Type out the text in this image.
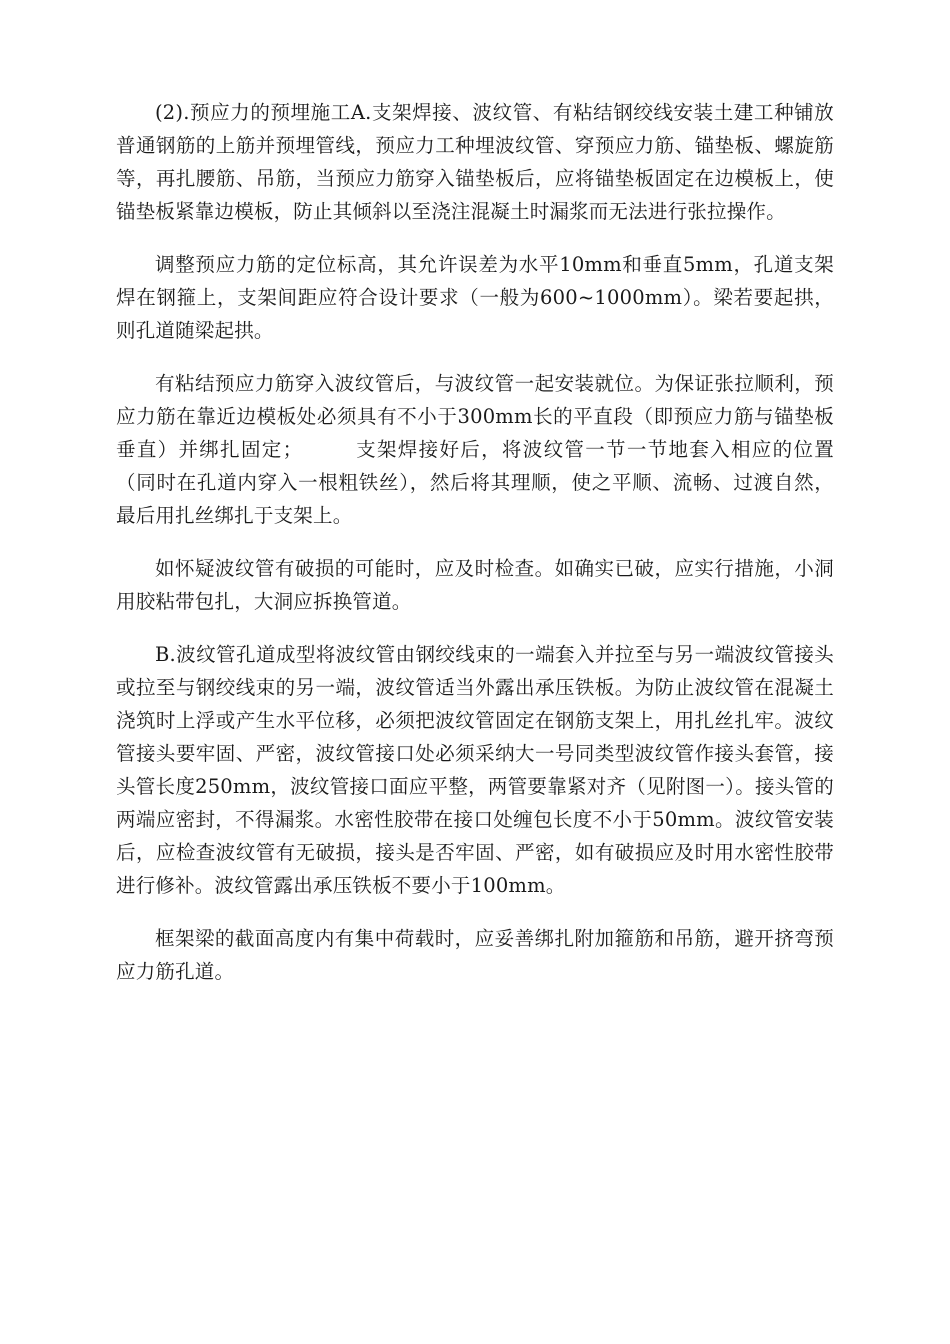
(2).预应力的预埋施工A.支架焊接、波纹管、有粘结钢绞线安装土建工种铺放普通钢筋的上筋并预埋管线，预应力工种埋波纹管、穿预应力筋、锚垫板、螺旋筋等，再扎腰筋、吊筋，当预应力筋穿入锚垫板后，应将锚垫板固定在边模板上，使锚垫板紧靠边模板，防止其倾斜以至浇注混凝土时漏浆而无法进行张拉操作。

调整预应力筋的定位标高，其允许误差为水平10mm和垂直5mm，孔道支架焊在钢箍上，支架间距应符合设计要求（一般为600~1000mm）。梁若要起拱，则孔道随梁起拱。

有粘结预应力筋穿入波纹管后，与波纹管一起安装就位。为保证张拉顺利，预应力筋在靠近边模板处必须具有不小于300mm长的平直段（即预应力筋与锚垫板垂直）并绑扎固定；　　　支架焊接好后，将波纹管一节一节地套入相应的位置（同时在孔道内穿入一根粗铁丝），然后将其理顺，使之平顺、流畅、过渡自然，最后用扎丝绑扎于支架上。

如怀疑波纹管有破损的可能时，应及时检查。如确实已破，应实行措施，小洞用胶粘带包扎，大洞应拆换管道。

B.波纹管孔道成型将波纹管由钢绞线束的一端套入并拉至与另一端波纹管接头或拉至与钢绞线束的另一端，波纹管适当外露出承压铁板。为防止波纹管在混凝土浇筑时上浮或产生水平位移，必须把波纹管固定在钢筋支架上，用扎丝扎牢。波纹管接头要牢固、严密，波纹管接口处必须采纳大一号同类型波纹管作接头套管，接头管长度250mm，波纹管接口面应平整，两管要靠紧对齐（见附图一）。接头管的两端应密封，不得漏浆。水密性胶带在接口处缠包长度不小于50mm。波纹管安装后，应检查波纹管有无破损，接头是否牢固、严密，如有破损应及时用水密性胶带进行修补。波纹管露出承压铁板不要小于100mm。

框架梁的截面高度内有集中荷载时，应妥善绑扎附加箍筋和吊筋，避开挤弯预应力筋孔道。
